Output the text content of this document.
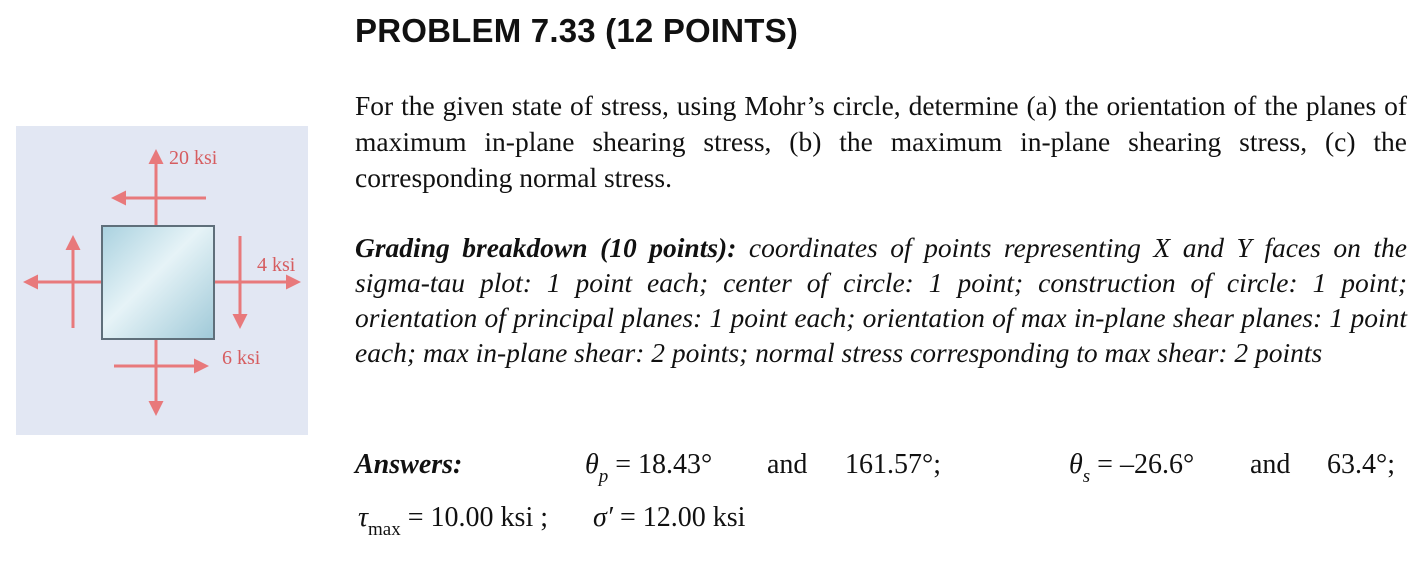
PROBLEM 7.33 (12 POINTS)

For the given state of stress, using Mohr’s circle, determine (a) the orientation of the planes of maximum in-plane shearing stress, (b) the maximum in-plane shearing stress, (c) the corresponding normal stress.

Grading breakdown (10 points): coordinates of points representing X and Y faces on the sigma-tau plot: 1 point each; center of circle: 1 point; construction of circle: 1 point; orientation of principal planes: 1 point each; orientation of max in-plane shear planes: 1 point each; max in-plane shear: 2 points; normal stress corresponding to max shear: 2 points

Answers:	$\theta_p = 18.43^\circ$ and 161.57°;	$\theta_s = -26.6^\circ$ and 63.4°;
$\tau_{max} = 10.00$ ksi ; σ′ = 12.00 ksi
20 ksi
4 ksi
6 ksi
